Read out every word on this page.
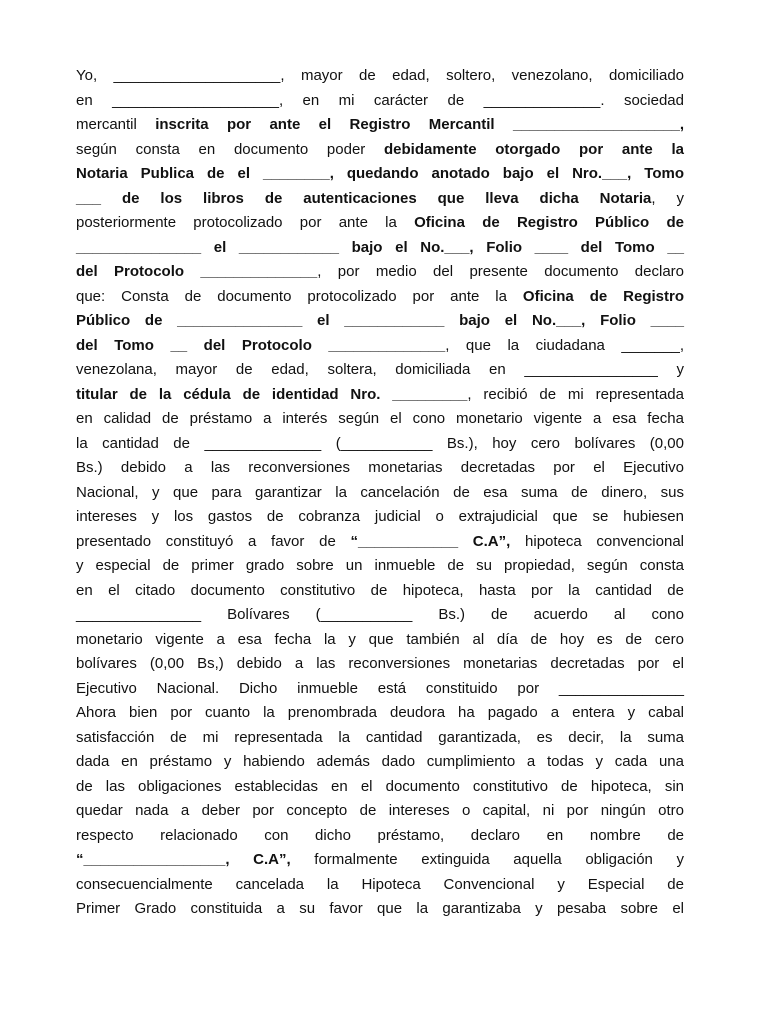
Yo, ____________________, mayor de edad, soltero, venezolano, domiciliado
en ____________________, en mi carácter de ______________. sociedad
mercantil inscrita por ante el Registro Mercantil ____________________,
según consta en documento poder debidamente otorgado por ante la
Notaria Publica de el ________, quedando anotado bajo el Nro.___, Tomo
___ de los libros de autenticaciones que lleva dicha Notaria, y
posteriormente protocolizado por ante la Oficina de Registro Público de
_______________ el ____________ bajo el No.___, Folio ____ del Tomo __
del Protocolo ______________, por medio del presente documento declaro
que: Consta de documento protocolizado por ante la Oficina de Registro
Público de _______________ el ____________ bajo el No.___, Folio ____
del Tomo __ del Protocolo ______________, que la ciudadana _______,
venezolana, mayor de edad, soltera, domiciliada en ________________ y
titular de la cédula de identidad Nro. _________, recibió de mi representada
en calidad de préstamo a interés según el cono monetario vigente a esa fecha
la cantidad de ______________ (___________ Bs.), hoy cero bolívares (0,00
Bs.) debido a las reconversiones monetarias decretadas por el Ejecutivo
Nacional, y que para garantizar la cancelación de esa suma de dinero, sus
intereses y los gastos de cobranza judicial o extrajudicial que se hubiesen
presentado constituyó a favor de “____________ C.A”, hipoteca convencional
y especial de primer grado sobre un inmueble de su propiedad, según consta
en el citado documento constitutivo de hipoteca, hasta por la cantidad de
_______________ Bolívares (___________ Bs.) de acuerdo al cono
monetario vigente a esa fecha la y que también al día de hoy es de cero
bolívares (0,00 Bs,) debido a las reconversiones monetarias decretadas por el
Ejecutivo Nacional. Dicho inmueble está constituido por _______________
Ahora bien por cuanto la prenombrada deudora ha pagado a entera y cabal
satisfacción de mi representada la cantidad garantizada, es decir, la suma
dada en préstamo y habiendo además dado cumplimiento a todas y cada una
de las obligaciones establecidas en el documento constitutivo de hipoteca, sin
quedar nada a deber por concepto de intereses o capital, ni por ningún otro
respecto relacionado con dicho préstamo, declaro en nombre de
“_________________, C.A”, formalmente extinguida aquella obligación y
consecuencialmente cancelada la Hipoteca Convencional y Especial de
Primer Grado constituida a su favor que la garantizaba y pesaba sobre el
